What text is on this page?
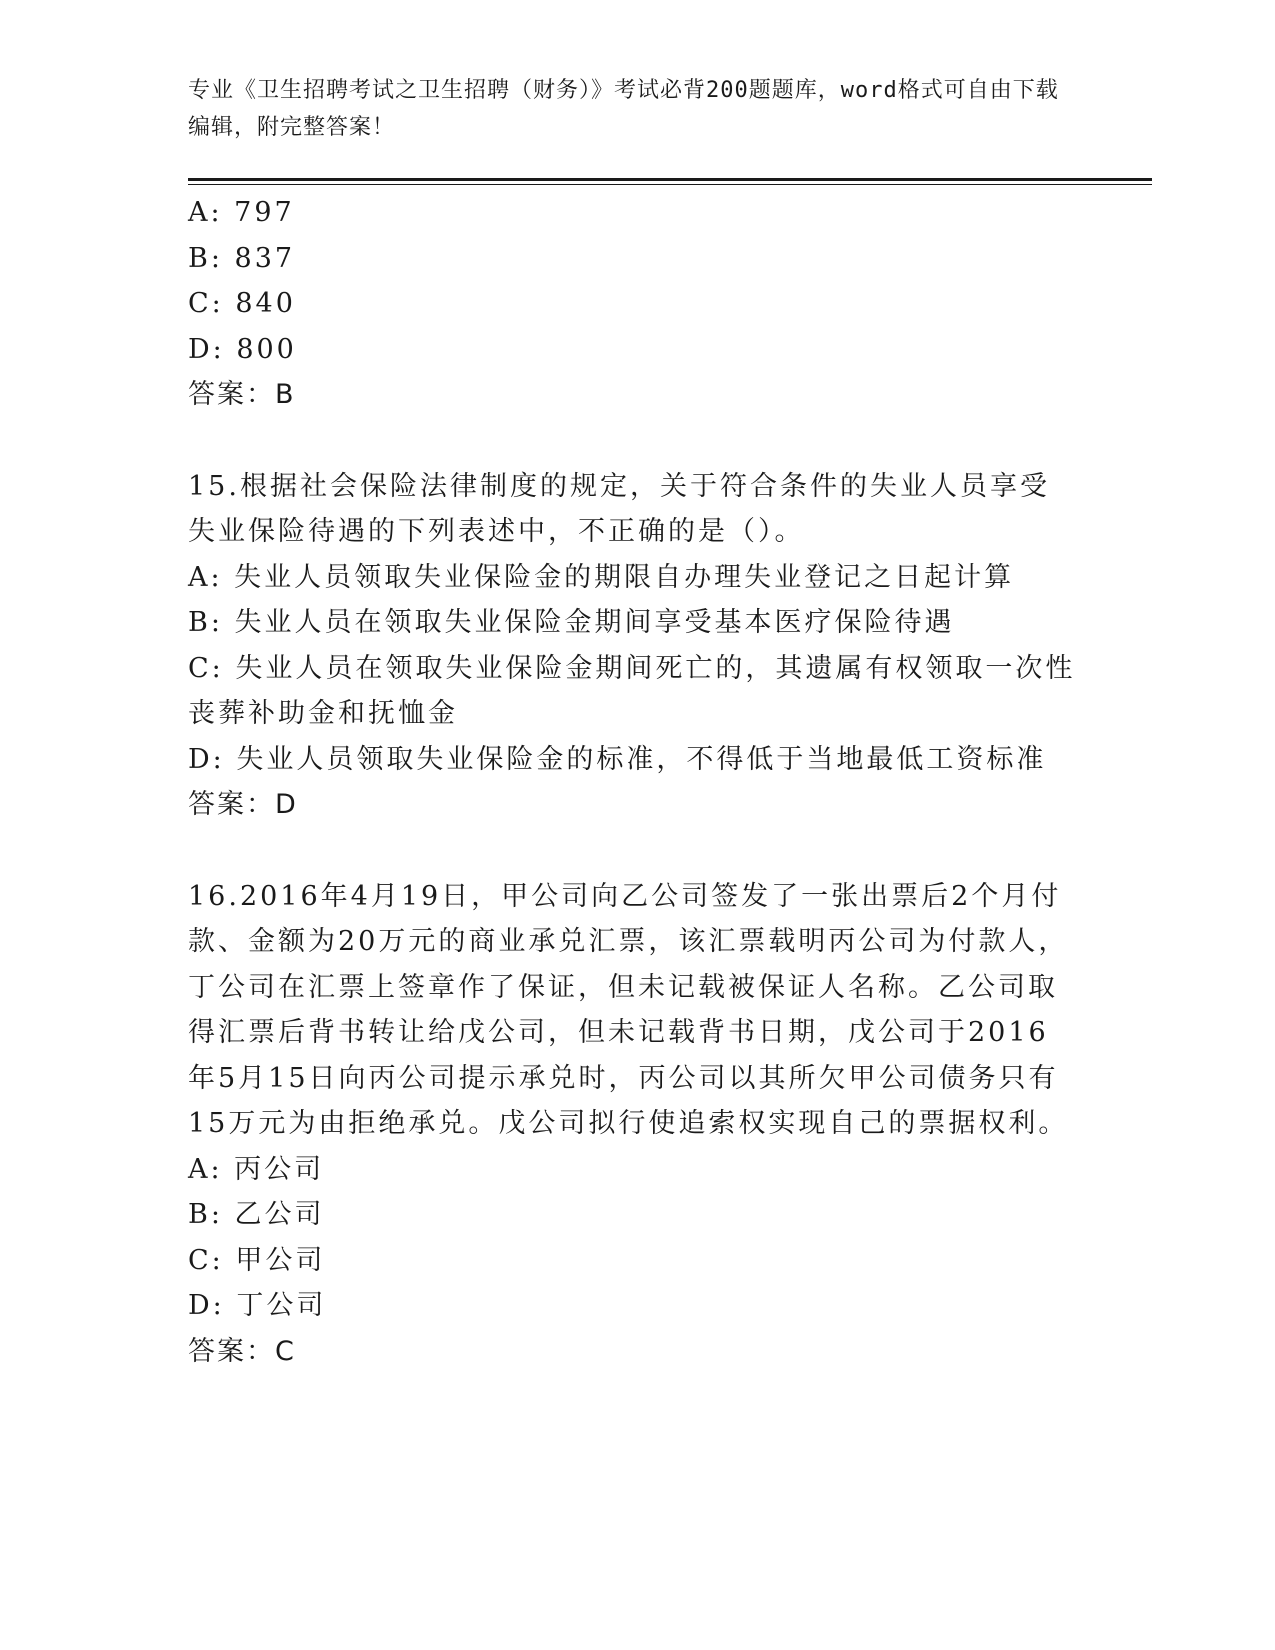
专业《卫生招聘考试之卫生招聘（财务）》考试必背200题题库，word格式可自由下载编辑，附完整答案！

A: 797

B: 837

C: 840

D: 800

答案：B

15.根据社会保险法律制度的规定，关于符合条件的失业人员享受失业保险待遇的下列表述中，不正确的是（）。

A: 失业人员领取失业保险金的期限自办理失业登记之日起计算

B: 失业人员在领取失业保险金期间享受基本医疗保险待遇

C: 失业人员在领取失业保险金期间死亡的，其遗属有权领取一次性丧葬补助金和抚恤金

D: 失业人员领取失业保险金的标准，不得低于当地最低工资标准

答案：D

16.2016年4月19日，甲公司向乙公司签发了一张出票后2个月付款、金额为20万元的商业承兑汇票，该汇票载明丙公司为付款人，丁公司在汇票上签章作了保证，但未记载被保证人名称。乙公司取得汇票后背书转让给戊公司，但未记载背书日期，戊公司于2016年5月15日向丙公司提示承兑时，丙公司以其所欠甲公司债务只有15万元为由拒绝承兑。戊公司拟行使追索权实现自己的票据权利。

A: 丙公司

B: 乙公司

C: 甲公司

D: 丁公司

答案：C
